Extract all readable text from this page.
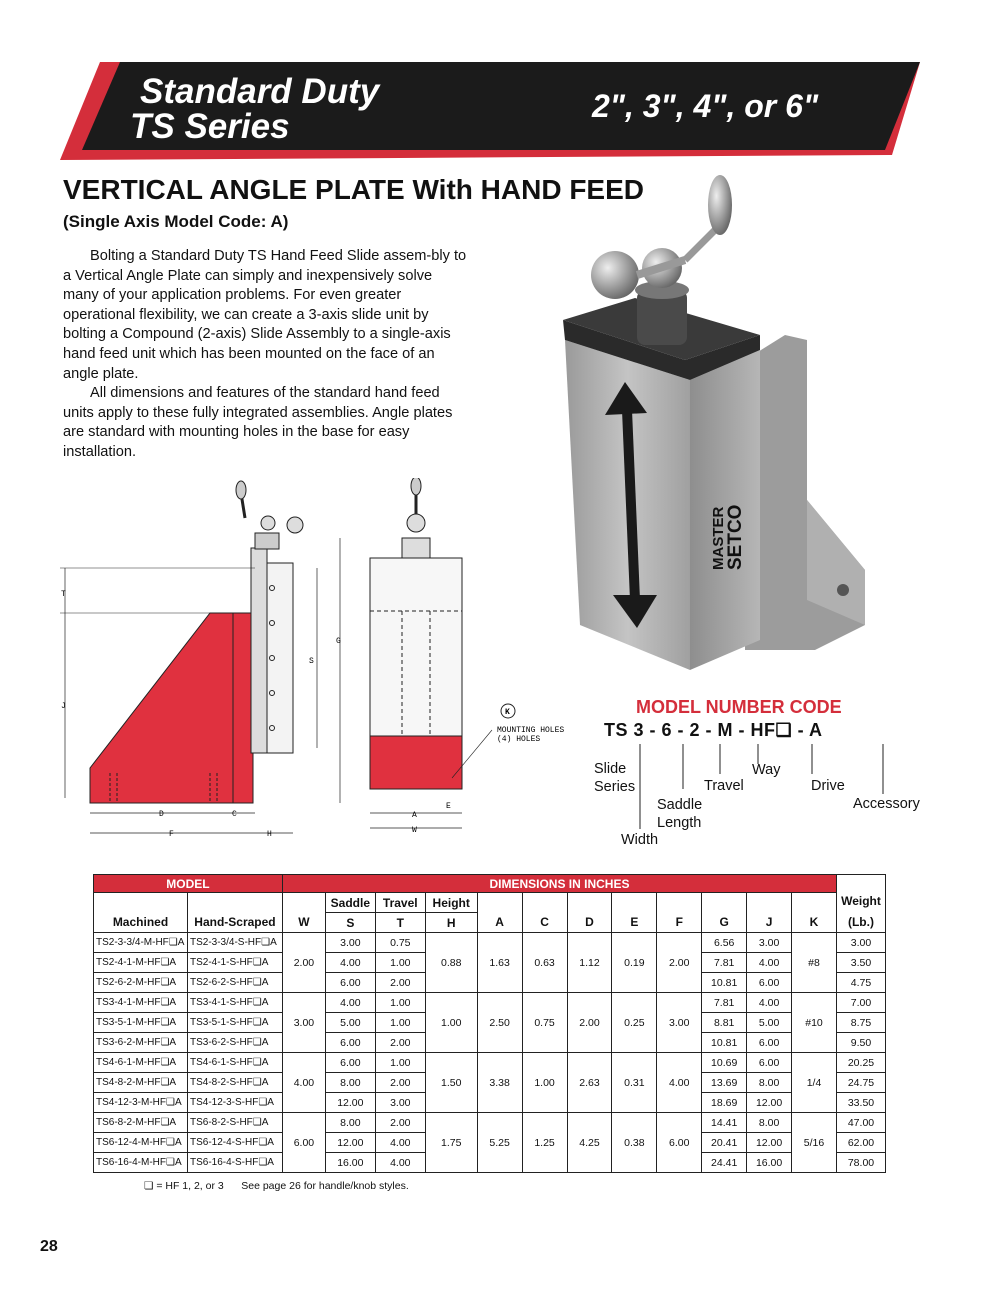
Standard Duty
TS Series
2", 3", 4", or 6"
VERTICAL ANGLE PLATE With HAND FEED
(Single Axis Model Code: A)

Bolting a Standard Duty TS Hand Feed Slide assem-bly to a Vertical Angle Plate can simply and inexpensively solve many of your application problems. For even greater operational flexibility, we can create a 3-axis slide unit by bolting a Compound (2-axis) Slide Assembly to a single-axis hand feed unit which has been mounted on the face of an angle plate.

All dimensions and features of the standard hand feed units apply to these fully integrated assemblies. Angle plates are standard with mounting holes in the base for easy installation.

MASTER
SETCO
T
J
S
G
D	C
F	H
K
MOUNTING HOLES
(4) HOLES
E
A
W
MODEL NUMBER CODE
TS 3 - 6 - 2 - M - HF❏ - A
Slide
Series
Width
Saddle
Length
Travel
Way
Drive
Accessory
MODEL		DIMENSIONS IN INCHES												Weight
(Lb.)
Machined	Hand-Scraped	W	Saddle	Travel	Height	A	C	D	E	F	G	J	K	
			S	T	H									
TS2-3-3/4-M-HF❏A	TS2-3-3/4-S-HF❏A	2.00	3.00	0.75	0.88	1.63	0.63	1.12	0.19	2.00	6.56	3.00	#8	3.00
TS2-4-1-M-HF❏A	TS2-4-1-S-HF❏A		4.00	1.00							7.81	4.00		3.50
TS2-6-2-M-HF❏A	TS2-6-2-S-HF❏A		6.00	2.00							10.81	6.00		4.75
TS3-4-1-M-HF❏A	TS3-4-1-S-HF❏A	3.00	4.00	1.00	1.00	2.50	0.75	2.00	0.25	3.00	7.81	4.00	#10	7.00
TS3-5-1-M-HF❏A	TS3-5-1-S-HF❏A		5.00	1.00							8.81	5.00		8.75
TS3-6-2-M-HF❏A	TS3-6-2-S-HF❏A		6.00	2.00							10.81	6.00		9.50
TS4-6-1-M-HF❏A	TS4-6-1-S-HF❏A	4.00	6.00	1.00	1.50	3.38	1.00	2.63	0.31	4.00	10.69	6.00	1/4	20.25
TS4-8-2-M-HF❏A	TS4-8-2-S-HF❏A		8.00	2.00							13.69	8.00		24.75
TS4-12-3-M-HF❏A	TS4-12-3-S-HF❏A		12.00	3.00							18.69	12.00		33.50
TS6-8-2-M-HF❏A	TS6-8-2-S-HF❏A	6.00	8.00	2.00	1.75	5.25	1.25	4.25	0.38	6.00	14.41	8.00	5/16	47.00
TS6-12-4-M-HF❏A	TS6-12-4-S-HF❏A		12.00	4.00							20.41	12.00		62.00
TS6-16-4-M-HF❏A	TS6-16-4-S-HF❏A		16.00	4.00							24.41	16.00		78.00
❏ = HF 1, 2, or 3      See page 26 for handle/knob styles.
28
